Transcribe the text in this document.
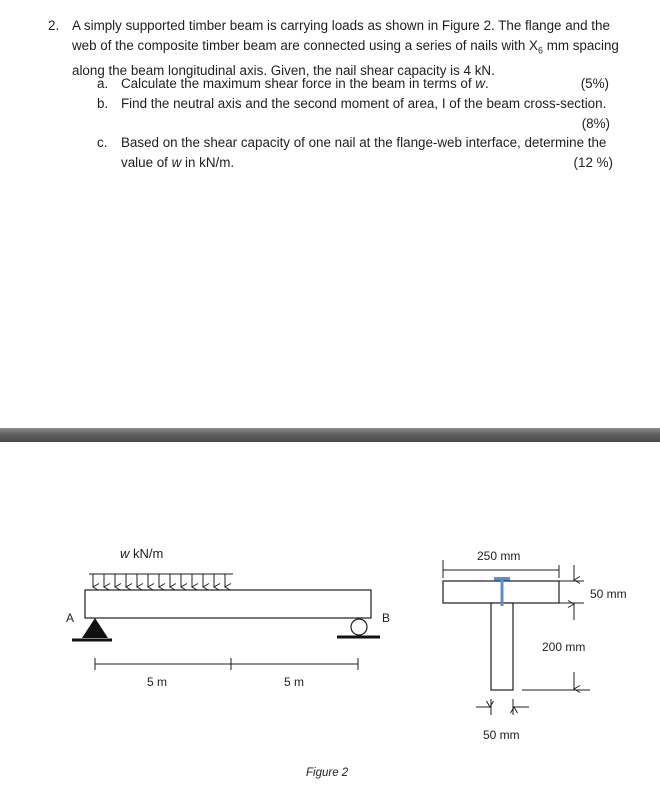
2. A simply supported timber beam is carrying loads as shown in Figure 2. The flange and the
web of the composite timber beam are connected using a series of nails with $X_6$ mm spacing
along the beam longitudinal axis. Given, the nail shear capacity is 4 kN.
a. Calculate the maximum shear force in the beam in terms of w.	(5%)
b. Find the neutral axis and the second moment of area, I of the beam cross-section.
(8%)
c. Based on the shear capacity of one nail at the flange-web interface, determine the
value of w in kN/m.	(12 %)
w kN/m
A	B
5 m	5 m
Figure 2
250 mm
50 mm
200 mm
50 mm
